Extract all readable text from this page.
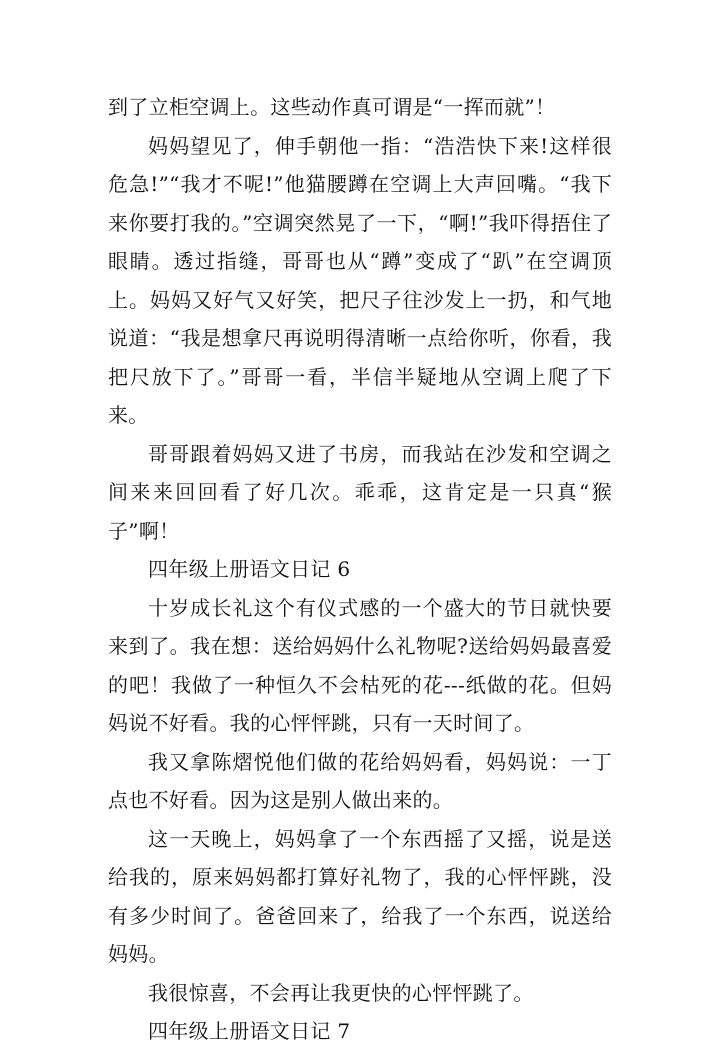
到了立柜空调上。这些动作真可谓是“一挥而就”！

妈妈望见了，伸手朝他一指：“浩浩快下来!这样很危急!”“我才不呢!”他猫腰蹲在空调上大声回嘴。“我下来你要打我的。”空调突然晃了一下，“啊!”我吓得捂住了眼睛。透过指缝，哥哥也从“蹲”变成了“趴”在空调顶上。妈妈又好气又好笑，把尺子往沙发上一扔，和气地说道：“我是想拿尺再说明得清晰一点给你听，你看，我把尺放下了。”哥哥一看，半信半疑地从空调上爬了下来。

哥哥跟着妈妈又进了书房，而我站在沙发和空调之间来来回回看了好几次。乖乖，这肯定是一只真“猴子”啊！

四年级上册语文日记 6

十岁成长礼这个有仪式感的一个盛大的节日就快要来到了。我在想：送给妈妈什么礼物呢?送给妈妈最喜爱的吧！我做了一种恒久不会枯死的花---纸做的花。但妈妈说不好看。我的心怦怦跳，只有一天时间了。

我又拿陈熠悦他们做的花给妈妈看，妈妈说：一丁点也不好看。因为这是别人做出来的。

这一天晚上，妈妈拿了一个东西摇了又摇，说是送给我的，原来妈妈都打算好礼物了，我的心怦怦跳，没有多少时间了。爸爸回来了，给我了一个东西，说送给妈妈。

我很惊喜，不会再让我更快的心怦怦跳了。

四年级上册语文日记 7
